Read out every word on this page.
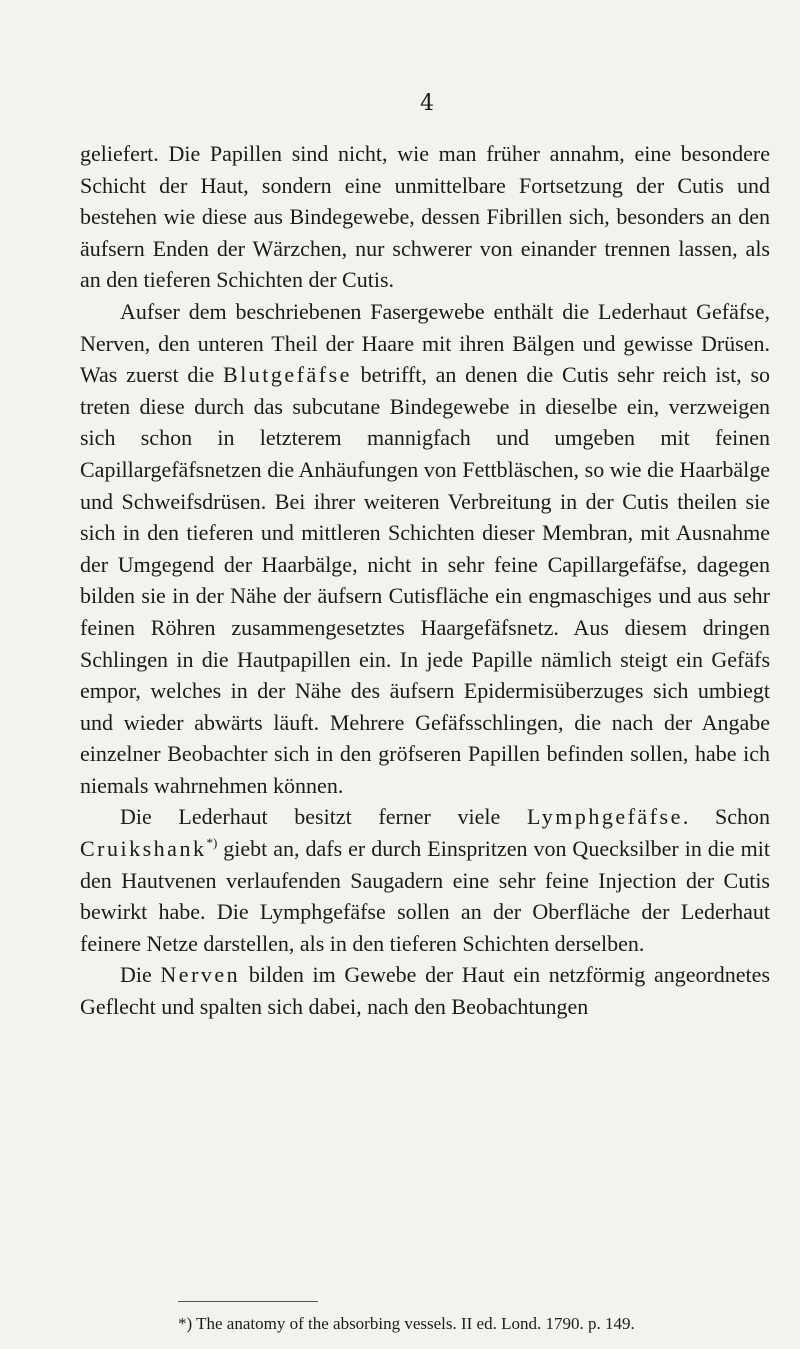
4

geliefert. Die Papillen sind nicht, wie man früher annahm, eine besondere Schicht der Haut, sondern eine unmittelbare Fortsetzung der Cutis und bestehen wie diese aus Bindegewebe, dessen Fibrillen sich, besonders an den äufsern Enden der Wärzchen, nur schwerer von einander trennen lassen, als an den tieferen Schichten der Cutis.

Aufser dem beschriebenen Fasergewebe enthält die Lederhaut Gefäfse, Nerven, den unteren Theil der Haare mit ihren Bälgen und gewisse Drüsen. Was zuerst die Blutgefäfse betrifft, an denen die Cutis sehr reich ist, so treten diese durch das subcutane Bindegewebe in dieselbe ein, verzweigen sich schon in letzterem mannigfach und umgeben mit feinen Capillargefäfsnetzen die Anhäufungen von Fettbläschen, so wie die Haarbälge und Schweifsdrüsen. Bei ihrer weiteren Verbreitung in der Cutis theilen sie sich in den tieferen und mittleren Schichten dieser Membran, mit Ausnahme der Umgegend der Haarbälge, nicht in sehr feine Capillargefäfse, dagegen bilden sie in der Nähe der äufsern Cutisfläche ein engmaschiges und aus sehr feinen Röhren zusammengesetztes Haargefäfsnetz. Aus diesem dringen Schlingen in die Hautpapillen ein. In jede Papille nämlich steigt ein Gefäfs empor, welches in der Nähe des äufsern Epidermisüberzuges sich umbiegt und wieder abwärts läuft. Mehrere Gefäfsschlingen, die nach der Angabe einzelner Beobachter sich in den gröfseren Papillen befinden sollen, habe ich niemals wahrnehmen können.

Die Lederhaut besitzt ferner viele Lymphgefäfse. Schon Cruikshank*) giebt an, dafs er durch Einspritzen von Quecksilber in die mit den Hautvenen verlaufenden Saugadern eine sehr feine Injection der Cutis bewirkt habe. Die Lymphgefäfse sollen an der Oberfläche der Lederhaut feinere Netze darstellen, als in den tieferen Schichten derselben.

Die Nerven bilden im Gewebe der Haut ein netzförmig angeordnetes Geflecht und spalten sich dabei, nach den Beobachtungen

*) The anatomy of the absorbing vessels. II ed. Lond. 1790. p. 149.
